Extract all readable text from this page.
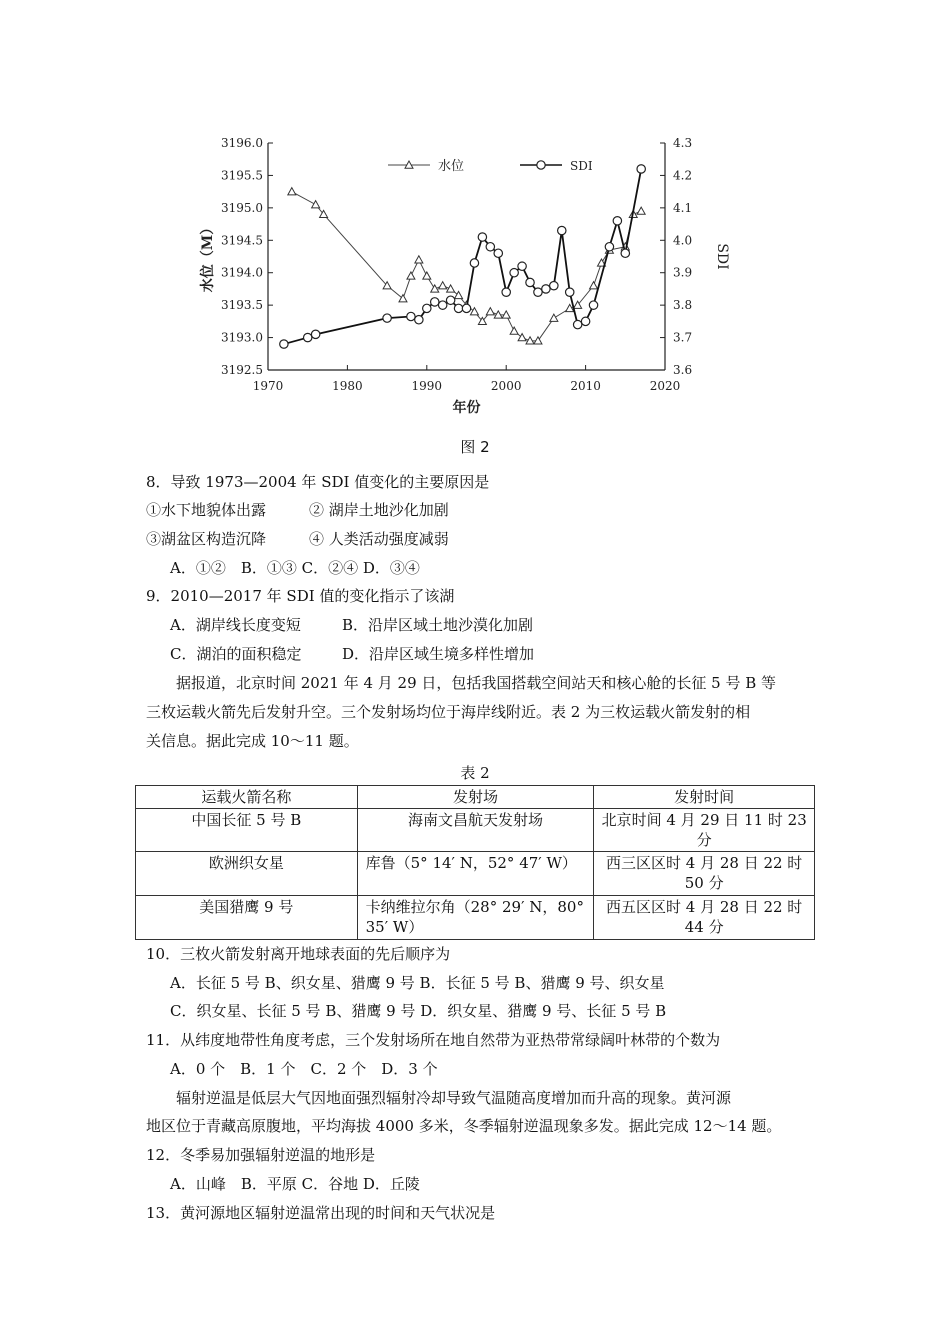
1970	1980	1990	2000	2010	2020
3196.0
3195.5
3195.0
3194.5
3194.0
3193.5
3193.0
3192.5
4.3
4.2
4.1
4.0
3.9
3.8
3.7
3.6
年份
水位（M）	SDI
水位	SDI
图 2
8．导致 1973—2004 年 SDI 值变化的主要原因是
①水下地貌体出露	② 湖岸土地沙化加剧
③湖盆区构造沉降	④ 人类活动强度减弱
A．①②　B．①③ C．②④ D．③④
9．2010—2017 年 SDI 值的变化指示了该湖
A．湖岸线长度变短	B．沿岸区域土地沙漠化加剧
C．湖泊的面积稳定	D．沿岸区域生境多样性增加
据报道，北京时间 2021 年 4 月 29 日，包括我国搭载空间站天和核心舱的长征 5 号 B 等
三枚运载火箭先后发射升空。三个发射场均位于海岸线附近。表 2 为三枚运载火箭发射的相
关信息。据此完成 10～11 题。
表 2
运载火箭名称	发射场	发射时间
中国长征 5 号 B	海南文昌航天发射场	北京时间 4 月 29 日 11 时 23 分
欧洲织女星	库鲁（5° 14′ N，52° 47′ W）	西三区区时 4 月 28 日 22 时 50 分
美国猎鹰 9 号	卡纳维拉尔角（28° 29′ N，80° 35′ W）	西五区区时 4 月 28 日 22 时 44 分
10．三枚火箭发射离开地球表面的先后顺序为
A．长征 5 号 B、织女星、猎鹰 9 号 B．长征 5 号 B、猎鹰 9 号、织女星
C．织女星、长征 5 号 B、猎鹰 9 号 D．织女星、猎鹰 9 号、长征 5 号 B
11．从纬度地带性角度考虑，三个发射场所在地自然带为亚热带常绿阔叶林带的个数为
A．0 个　B．1 个　C．2 个　D．3 个
辐射逆温是低层大气因地面强烈辐射冷却导致气温随高度增加而升高的现象。黄河源
地区位于青藏高原腹地，平均海拔 4000 多米，冬季辐射逆温现象多发。据此完成 12～14 题。
12．冬季易加强辐射逆温的地形是
A．山峰　B．平原 C．谷地 D．丘陵
13．黄河源地区辐射逆温常出现的时间和天气状况是
